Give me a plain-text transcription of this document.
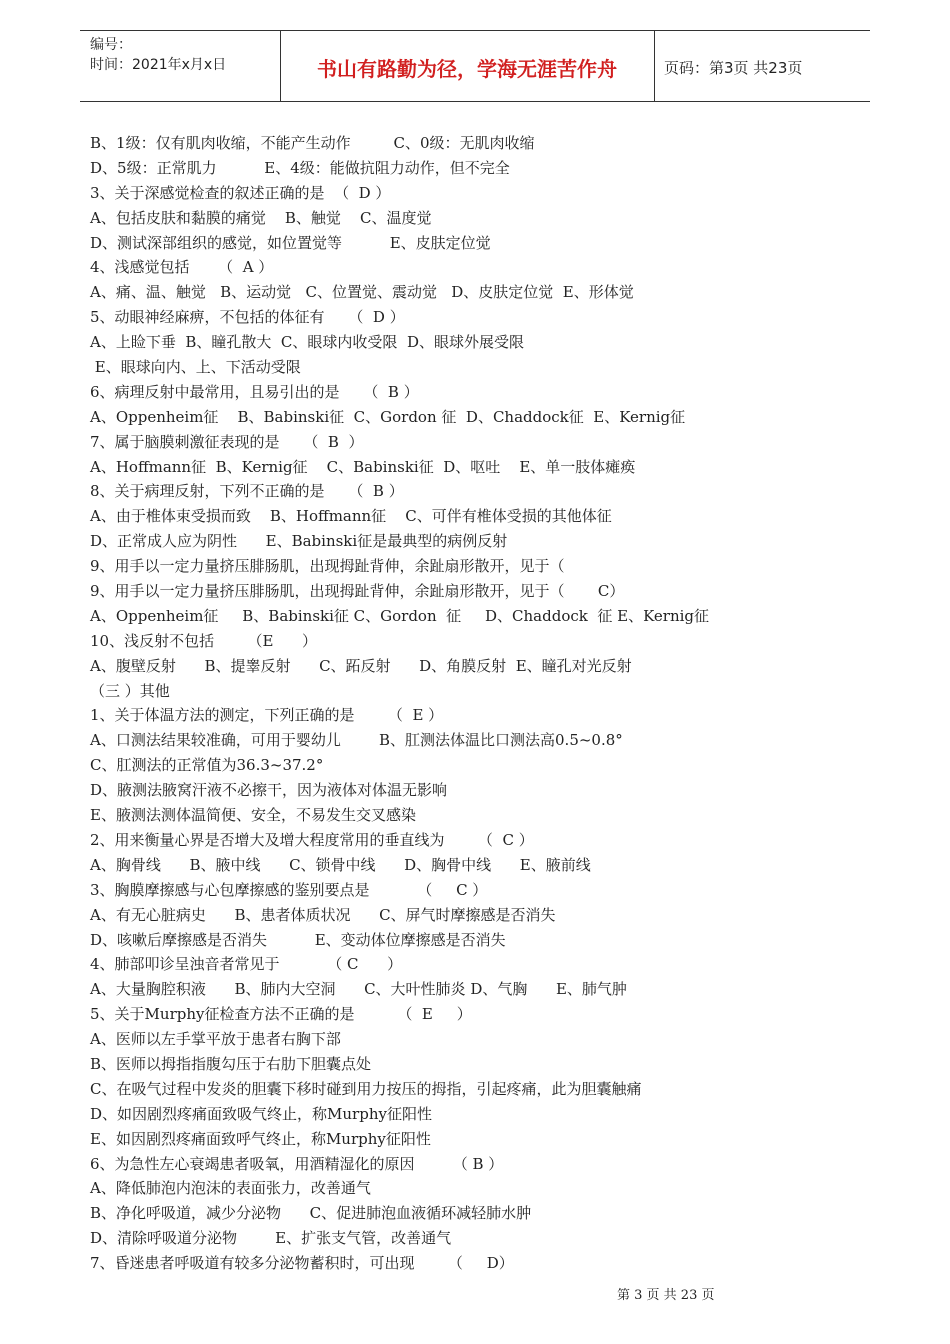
编号：
时间：2021年x月x日	书山有路勤为径，学海无涯苦作舟	页码：第3页 共23页
B、1级：仅有肌肉收缩，不能产生动作         C、0级：无肌肉收缩
D、5级：正常肌力          E、4级：能做抗阻力动作，但不完全
3、关于深感觉检查的叙述正确的是  （  D ）
A、包括皮肤和黏膜的痛觉    B、触觉    C、温度觉
D、测试深部组织的感觉，如位置觉等          E、皮肤定位觉
4、浅感觉包括      （  A ）
A、痛、温、触觉   B、运动觉   C、位置觉、震动觉   D、皮肤定位觉  E、形体觉
5、动眼神经麻痹，不包括的体征有     （  D ）
A、上睑下垂  B、瞳孔散大  C、眼球内收受限  D、眼球外展受限
E、眼球向内、上、下活动受限
6、病理反射中最常用，且易引出的是     （  B ）
A、Oppenheim征    B、Babinski征  C、Gordon 征  D、Chaddock征  E、Kernig征
7、属于脑膜刺激征表现的是     （  B  ）
A、Hoffmann征  B、Kernig征    C、Babinski征  D、呕吐    E、单一肢体瘫痪
8、关于病理反射，下列不正确的是     （  B ）
A、由于椎体束受损而致    B、Hoffmann征    C、可伴有椎体受损的其他体征
D、正常成人应为阴性      E、Babinski征是最典型的病例反射
9、用手以一定力量挤压腓肠肌，出现拇趾背伸，余趾扇形散开，见于（
9、用手以一定力量挤压腓肠肌，出现拇趾背伸，余趾扇形散开，见于（       C）
A、Oppenheim征     B、Babinski征 C、Gordon  征     D、Chaddock  征 E、Kernig征
10、浅反射不包括       （E      ）
A、腹壁反射      B、提睾反射      C、跖反射      D、角膜反射  E、瞳孔对光反射
（三 ）其他
1、关于体温方法的测定，下列正确的是       （  E ）
A、口测法结果较准确，可用于婴幼儿        B、肛测法体温比口测法高0.5~0.8°
C、肛测法的正常值为36.3~37.2°
D、腋测法腋窝汗液不必擦干，因为液体对体温无影响
E、腋测法测体温简便、安全，不易发生交叉感染
2、用来衡量心界是否增大及增大程度常用的垂直线为       （  C ）
A、胸骨线      B、腋中线      C、锁骨中线      D、胸骨中线      E、腋前线
3、胸膜摩擦感与心包摩擦感的鉴别要点是          （     C ）
A、有无心脏病史      B、患者体质状况      C、屏气时摩擦感是否消失
D、咳嗽后摩擦感是否消失          E、变动体位摩擦感是否消失
4、肺部叩诊呈浊音者常见于          （ C      ）
A、大量胸腔积液      B、肺内大空洞      C、大叶性肺炎 D、气胸      E、肺气肿
5、关于Murphy征检查方法不正确的是         （  E     ）
A、医师以左手掌平放于患者右胸下部
B、医师以拇指指腹勾压于右肋下胆囊点处
C、在吸气过程中发炎的胆囊下移时碰到用力按压的拇指，引起疼痛，此为胆囊触痛
D、如因剧烈疼痛面致吸气终止，称Murphy征阳性
E、如因剧烈疼痛面致呼气终止，称Murphy征阳性
6、为急性左心衰竭患者吸氧，用酒精湿化的原因        （ B ）
A、降低肺泡内泡沫的表面张力，改善通气
B、净化呼吸道，减少分泌物      C、促进肺泡血液循环减轻肺水肿
D、清除呼吸道分泌物        E、扩张支气管，改善通气
7、昏迷患者呼吸道有较多分泌物蓄积时，可出现       （     D）
第 3 页 共 23 页
